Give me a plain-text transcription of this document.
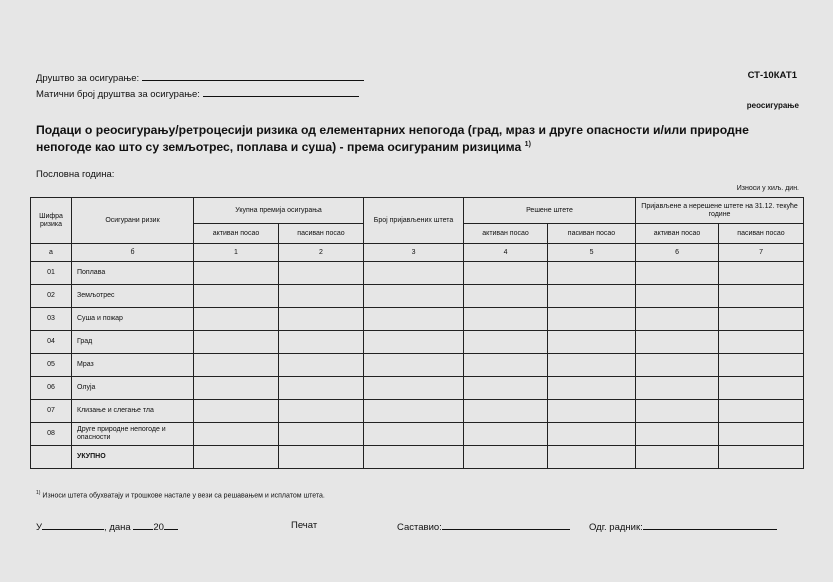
Друштво за осигурање:
Матични број друштва за осигурање:
СТ-10КАТ1
реосигурање
Подаци о реосигурању/ретроцесији ризика од елементарних непогода (град, мраз и друге опасности и/или природне непогоде као што су земљотрес, поплава и суша) - према осигураним ризицима $^{1)}$
Пословна година:
Износи у хиљ. дин.
Шифра ризика	Осигурани ризик	Укупна премија осигурања		Број пријављених штета	Решене штете		Пријављене а нерешене штете на 31.12. текуће године	
		активан посао	пасиван посао		активан посао	пасиван посао	активан посао	пасиван посао
а	б	1	2	3	4	5	6	7
01	Поплава							
02	Земљотрес							
03	Суша и пожар							
04	Град							
05	Мраз							
06	Олуја							
07	Клизање и слегање тла							
08	Друге природне непогоде и опасности							
	УКУПНО							
$^{1)}$ Износи штета обухватају и трошкове настале у вези са решавањем и исплатом штета.
У	, дана 20	Печат	Саставио:	Одг. радник:
